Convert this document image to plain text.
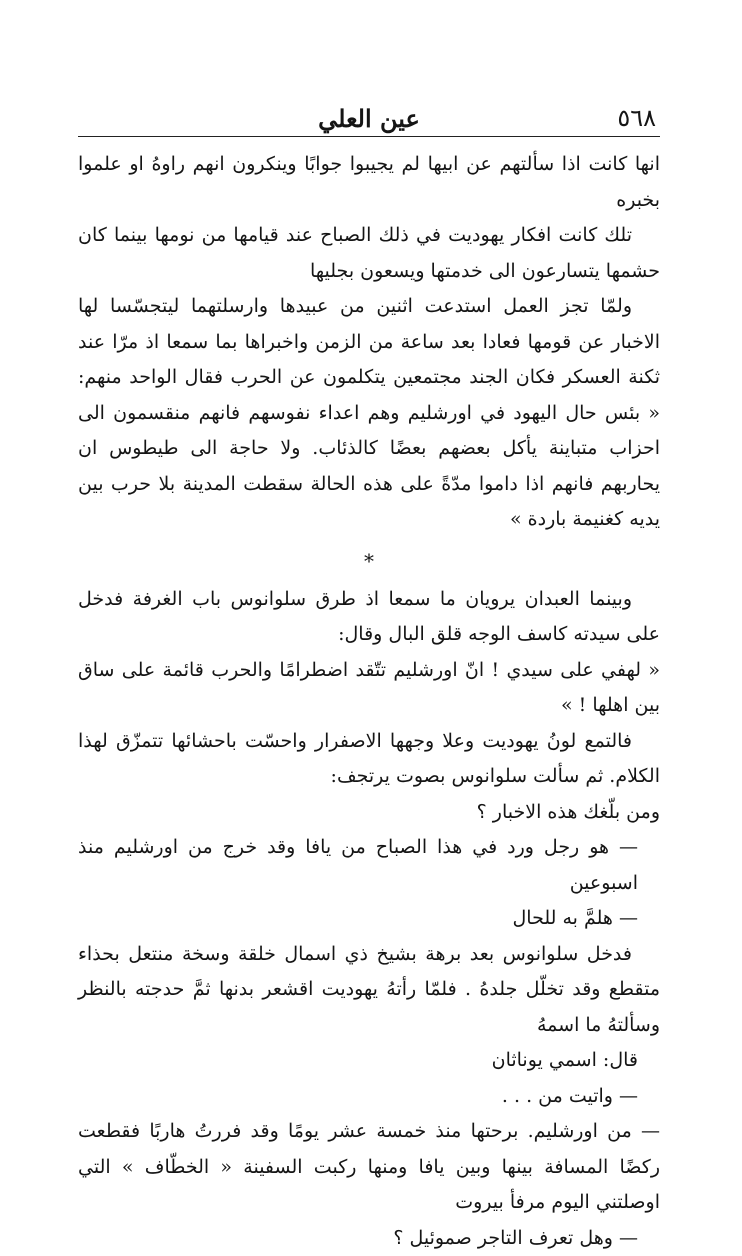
٥٦٨
عين العلي

انها كانت اذا سألتهم عن ابيها لم يجيبوا جوابًا وينكرون انهم راوهُ او علموا بخبره

تلك كانت افكار يهوديت في ذلك الصباح عند قيامها من نومها بينما كان حشمها يتسارعون الى خدمتها ويسعون بجليها

ولمّا تجز العمل استدعت اثنين من عبيدها وارسلتهما ليتجسّسا لها الاخبار عن قومها فعادا بعد ساعة من الزمن واخبراها بما سمعا اذ مرّا عند ثكنة العسكر فكان الجند مجتمعين يتكلمون عن الحرب فقال الواحد منهم: « بئس حال اليهود في اورشليم وهم اعداء نفوسهم فانهم منقسمون الى احزاب متباينة يأكل بعضهم بعضًا كالذئاب. ولا حاجة الى طيطوس ان يحاربهم فانهم اذا داموا مدّةً على هذه الحالة سقطت المدينة بلا حرب بين يديه كغنيمة باردة »

*

وبينما العبدان يرويان ما سمعا اذ طرق سلوانوس باب الغرفة فدخل على سيدته كاسف الوجه قلق البال وقال:

« لهفي على سيدي ! انّ اورشليم تتّقد اضطرامًا والحرب قائمة على ساق بين اهلها ! »

فالتمع لونُ يهوديت وعلا وجهها الاصفرار واحسّت باحشائها تتمزّق لهذا الكلام. ثم سألت سلوانوس بصوت يرتجف:

ومن بلّغك هذه الاخبار ؟

— هو رجل ورد في هذا الصباح من يافا وقد خرج من اورشليم منذ اسبوعين

— هلمَّ به للحال

فدخل سلوانوس بعد برهة بشيخ ذي اسمال خلقة وسخة منتعل بحذاء متقطع وقد تخلّل جلدهُ . فلمّا رأتهُ يهوديت اقشعر بدنها ثمَّ حدجته بالنظر وسألتهُ ما اسمهُ

قال: اسمي يوناثان

— واتيت من . . .

— من اورشليم. برحتها منذ خمسة عشر يومًا وقد فررتُ هاربًا فقطعت ركضًا المسافة بينها وبين يافا ومنها ركبت السفينة « الخطّاف » التي اوصلتني اليوم مرفأ بيروت

— وهل تعرف التاجر صموئيل ؟
